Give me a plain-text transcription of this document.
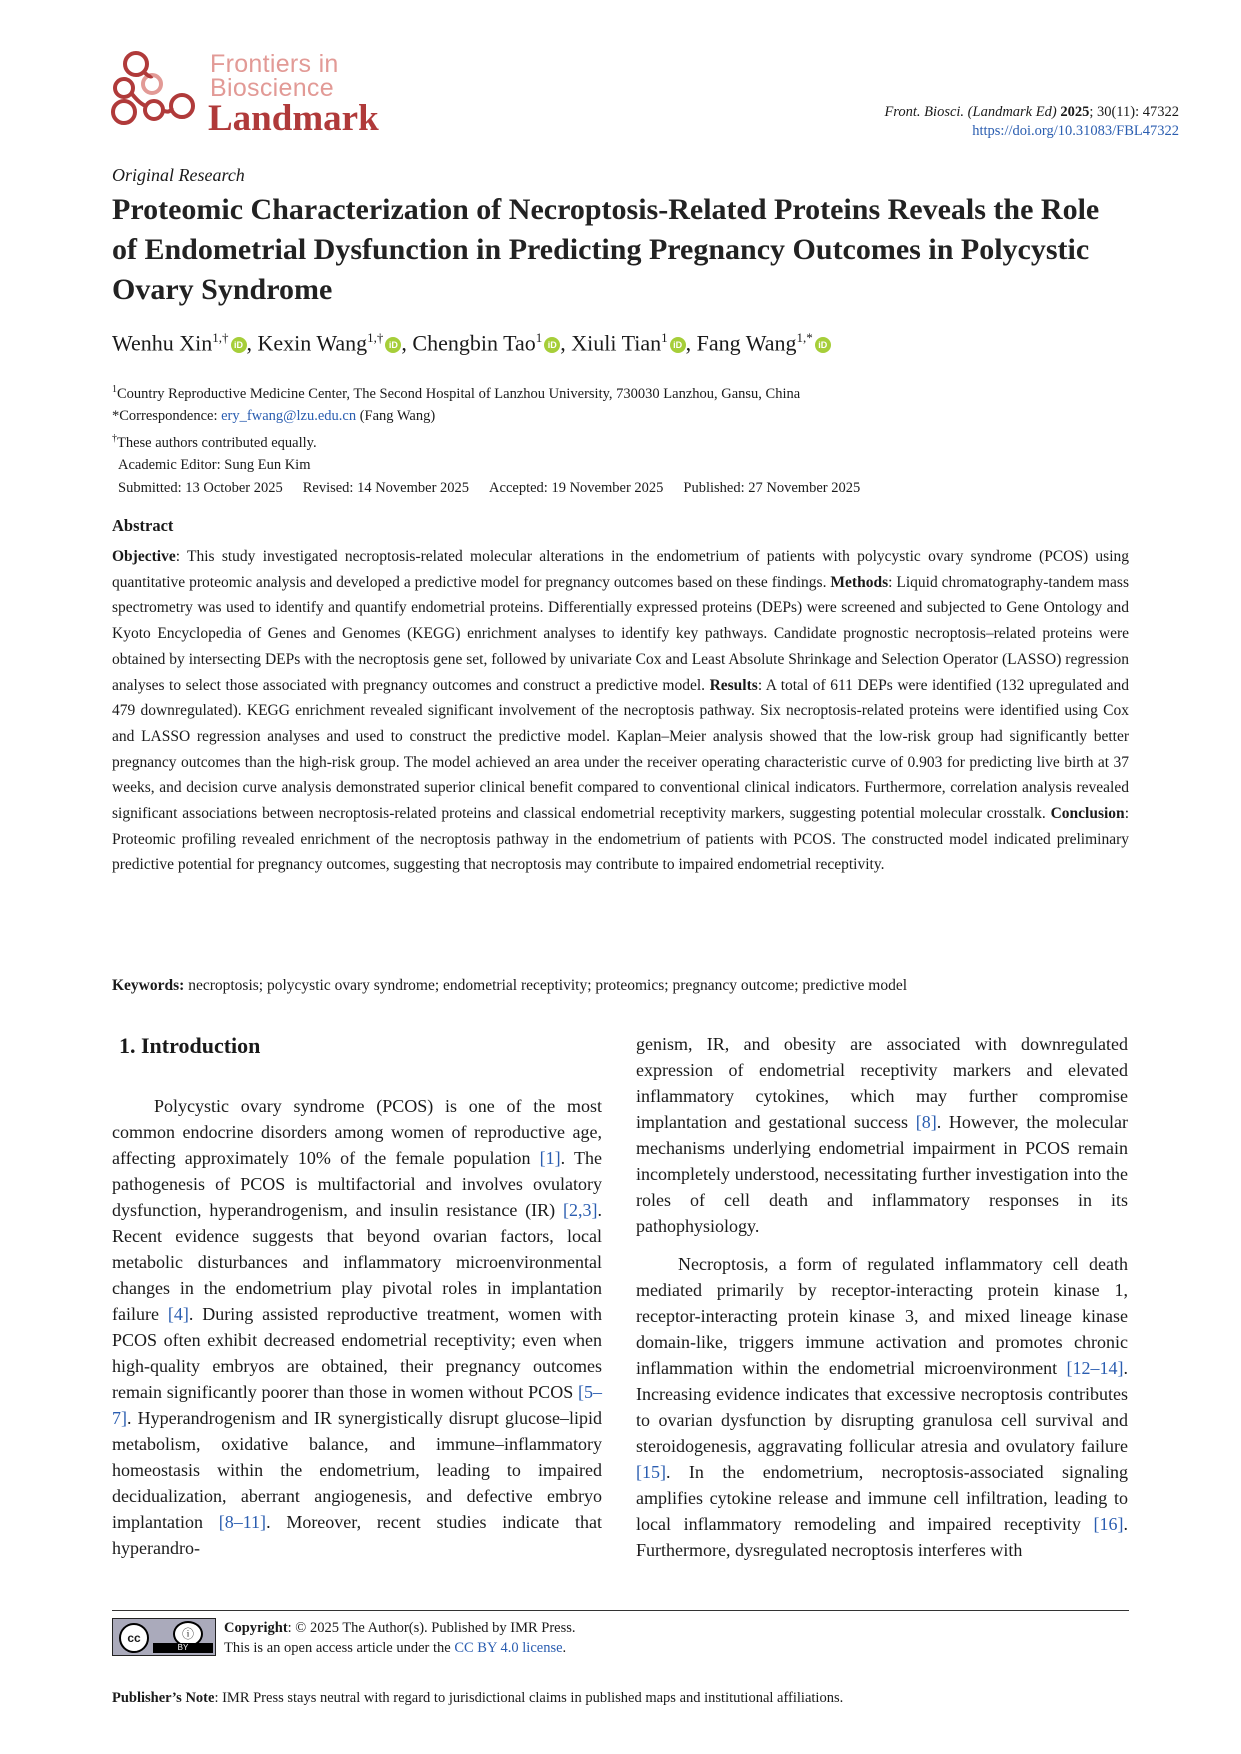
Frontiers in
Bioscience
Landmark	Front. Biosci. (Landmark Ed) 2025; 30(11): 47322
https://doi.org/10.31083/FBL47322
Original Research
Proteomic Characterization of Necroptosis-Related Proteins Reveals the Role of Endometrial Dysfunction in Predicting Pregnancy Outcomes in Polycystic Ovary Syndrome
Wenhu Xin$^{1,\dagger}$iD , Kexin Wang$^{1,\dagger}$iD , Chengbin Tao$^1$iD , Xiuli Tian$^1$iD , Fang Wang$^{1,*}$iD
$^1$Country Reproductive Medicine Center, The Second Hospital of Lanzhou University, 730030 Lanzhou, Gansu, China
*Correspondence: ery_fwang@lzu.edu.cn (Fang Wang)
†These authors contributed equally.
Academic Editor: Sung Eun Kim
Submitted: 13 October 2025 Revised: 14 November 2025 Accepted: 19 November 2025 Published: 27 November 2025
Abstract
Objective: This study investigated necroptosis-related molecular alterations in the endometrium of patients with polycystic ovary syndrome (PCOS) using quantitative proteomic analysis and developed a predictive model for pregnancy outcomes based on these findings. Methods: Liquid chromatography-tandem mass spectrometry was used to identify and quantify endometrial proteins. Differentially expressed proteins (DEPs) were screened and subjected to Gene Ontology and Kyoto Encyclopedia of Genes and Genomes (KEGG) enrichment analyses to identify key pathways. Candidate prognostic necroptosis–related proteins were obtained by intersecting DEPs with the necroptosis gene set, followed by univariate Cox and Least Absolute Shrinkage and Selection Operator (LASSO) regression analyses to select those associated with pregnancy outcomes and construct a predictive model. Results: A total of 611 DEPs were identified (132 upregulated and 479 downregulated). KEGG enrichment revealed significant involvement of the necroptosis pathway. Six necroptosis-related proteins were identified using Cox and LASSO regression analyses and used to construct the predictive model. Kaplan–Meier analysis showed that the low-risk group had significantly better pregnancy outcomes than the high-risk group. The model achieved an area under the receiver operating characteristic curve of 0.903 for predicting live birth at 37 weeks, and decision curve analysis demonstrated superior clinical benefit compared to conventional clinical indicators. Furthermore, correlation analysis revealed significant associations between necroptosis-related proteins and classical endometrial receptivity markers, suggesting potential molecular crosstalk. Conclusion: Proteomic profiling revealed enrichment of the necroptosis pathway in the endometrium of patients with PCOS. The constructed model indicated preliminary predictive potential for pregnancy outcomes, suggesting that necroptosis may contribute to impaired endometrial receptivity.
Keywords: necroptosis; polycystic ovary syndrome; endometrial receptivity; proteomics; pregnancy outcome; predictive model
1. Introduction

Polycystic ovary syndrome (PCOS) is one of the most common endocrine disorders among women of reproductive age, affecting approximately 10% of the female population [1]. The pathogenesis of PCOS is multifactorial and involves ovulatory dysfunction, hyperandrogenism, and insulin resistance (IR) [2,3]. Recent evidence suggests that beyond ovarian factors, local metabolic disturbances and inflammatory microenvironmental changes in the endometrium play pivotal roles in implantation failure [4]. During assisted reproductive treatment, women with PCOS often exhibit decreased endometrial receptivity; even when high-quality embryos are obtained, their pregnancy outcomes remain significantly poorer than those in women without PCOS [5–7]. Hyperandrogenism and IR synergistically disrupt glucose–lipid metabolism, oxidative balance, and immune–inflammatory homeostasis within the endometrium, leading to impaired decidualization, aberrant angiogenesis, and defective embryo implantation [8–11]. Moreover, recent studies indicate that hyperandro-

genism, IR, and obesity are associated with downregulated expression of endometrial receptivity markers and elevated inflammatory cytokines, which may further compromise implantation and gestational success [8]. However, the molecular mechanisms underlying endometrial impairment in PCOS remain incompletely understood, necessitating further investigation into the roles of cell death and inflammatory responses in its pathophysiology.

Necroptosis, a form of regulated inflammatory cell death mediated primarily by receptor-interacting protein kinase 1, receptor-interacting protein kinase 3, and mixed lineage kinase domain-like, triggers immune activation and promotes chronic inflammation within the endometrial microenvironment [12–14]. Increasing evidence indicates that excessive necroptosis contributes to ovarian dysfunction by disrupting granulosa cell survival and steroidogenesis, aggravating follicular atresia and ovulatory failure [15]. In the endometrium, necroptosis-associated signaling amplifies cytokine release and immune cell infiltration, leading to local inflammatory remodeling and impaired receptivity [16]. Furthermore, dysregulated necroptosis interferes with

cc	ⓘ
BY
Copyright: © 2025 The Author(s). Published by IMR Press.
This is an open access article under the CC BY 4.0 license.
Publisher’s Note: IMR Press stays neutral with regard to jurisdictional claims in published maps and institutional affiliations.
